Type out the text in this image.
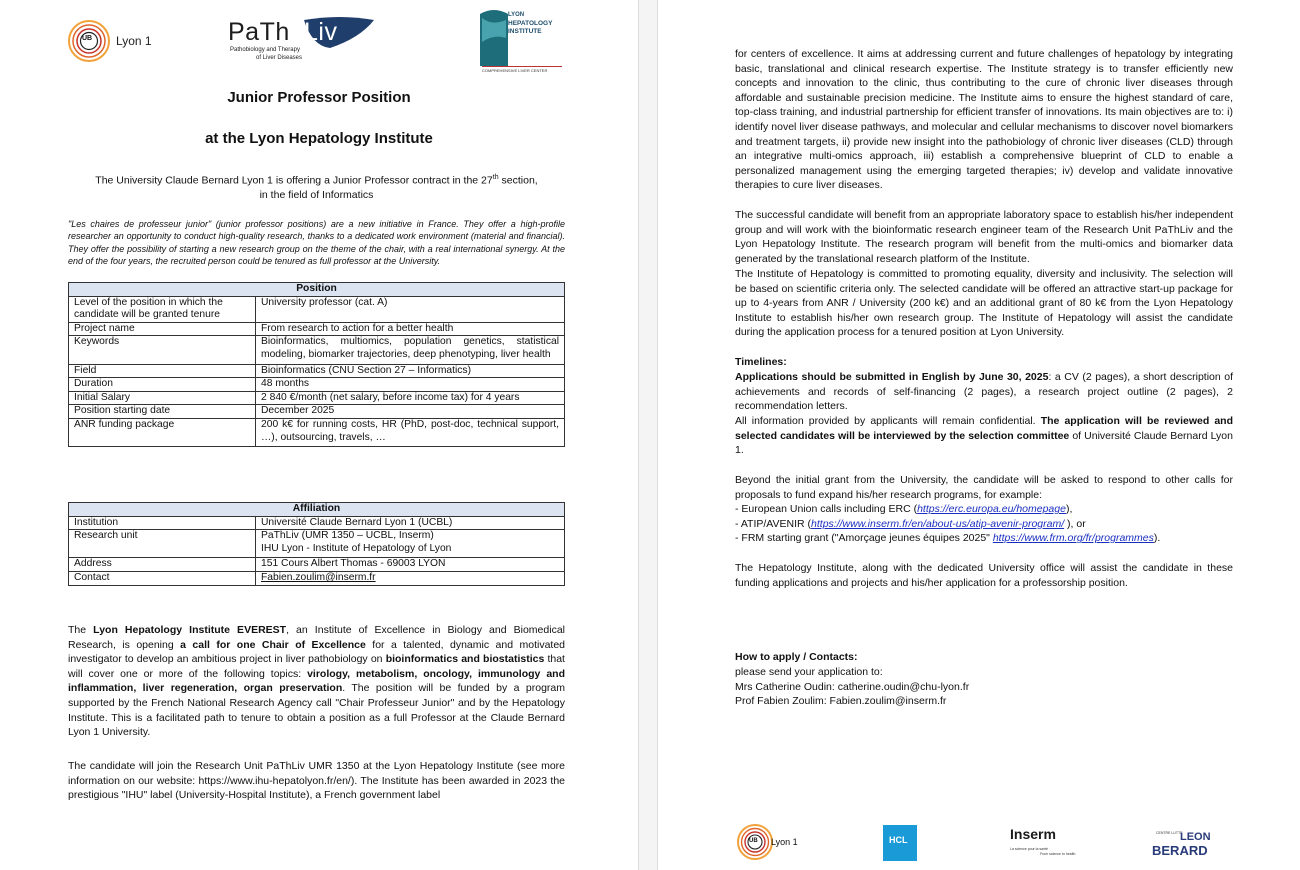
UB Lyon 1	PaTh Liv
Pathobiology and Therapy
of Liver Diseases
LYON
HEPATOLOGY
INSTITUTE
COMPREHENSIVE LIVER CENTER
Junior Professor Position
at the Lyon Hepatology Institute
The University Claude Bernard Lyon 1 is offering a Junior Professor contract in the 27th section,
in the field of Informatics
"Les chaires de professeur junior" (junior professor positions) are a new initiative in France. They offer a high-profile researcher an opportunity to conduct high-quality research, thanks to a dedicated work environment (material and financial). They offer the possibility of starting a new research group on the theme of the chair, with a real international synergy. At the end of the four years, the recruited person could be tenured as full professor at the University.
Position	
Level of the position in which the candidate will be granted tenure	University professor (cat. A)
Project name	From research to action for a better health
Keywords	Bioinformatics, multiomics, population genetics, statistical modeling, biomarker trajectories, deep phenotyping, liver health
Field	Bioinformatics (CNU Section 27 – Informatics)
Duration	48 months
Initial Salary	2 840 €/month (net salary, before income tax) for 4 years
Position starting date	December 2025
ANR funding package	200 k€ for running costs, HR (PhD, post-doc, technical support, …), outsourcing, travels, …
Affiliation	
Institution	Université Claude Bernard Lyon 1 (UCBL)
Research unit	PaThLiv (UMR 1350 – UCBL, Inserm)
IHU Lyon - Institute of Hepatology of Lyon
Address	151 Cours Albert Thomas - 69003 LYON
Contact	Fabien.zoulim@inserm.fr
The Lyon Hepatology Institute EVEREST, an Institute of Excellence in Biology and Biomedical Research, is opening a call for one Chair of Excellence for a talented, dynamic and motivated investigator to develop an ambitious project in liver pathobiology on bioinformatics and biostatistics that will cover one or more of the following topics: virology, metabolism, oncology, immunology and inflammation, liver regeneration, organ preservation. The position will be funded by a program supported by the French National Research Agency call "Chair Professeur Junior" and by the Hepatology Institute. This is a facilitated path to tenure to obtain a position as a full Professor at the Claude Bernard Lyon 1 University.
The candidate will join the Research Unit PaThLiv UMR 1350 at the Lyon Hepatology Institute (see more information on our website: https://www.ihu-hepatolyon.fr/en/). The Institute has been awarded in 2023 the prestigious "IHU" label (University-Hospital Institute), a French government label
for centers of excellence. It aims at addressing current and future challenges of hepatology by integrating basic, translational and clinical research expertise. The Institute strategy is to transfer efficiently new concepts and innovation to the clinic, thus contributing to the cure of chronic liver diseases through affordable and sustainable precision medicine. The Institute aims to ensure the highest standard of care, top-class training, and industrial partnership for efficient transfer of innovations. Its main objectives are to: i) identify novel liver disease pathways, and molecular and cellular mechanisms to discover novel biomarkers and treatment targets, ii) provide new insight into the pathobiology of chronic liver diseases (CLD) through an integrative multi-omics approach, iii) establish a comprehensive blueprint of CLD to enable a personalized management using the emerging targeted therapies; iv) develop and validate innovative therapies to cure liver diseases.
The successful candidate will benefit from an appropriate laboratory space to establish his/her independent group and will work with the bioinformatic research engineer team of the Research Unit PaThLiv and the Lyon Hepatology Institute. The research program will benefit from the multi-omics and biomarker data generated by the translational research platform of the Institute.
The Institute of Hepatology is committed to promoting equality, diversity and inclusivity. The selection will be based on scientific criteria only. The selected candidate will be offered an attractive start-up package for up to 4-years from ANR / University (200 k€) and an additional grant of 80 k€ from the Lyon Hepatology Institute to establish his/her own research group. The Institute of Hepatology will assist the candidate during the application process for a tenured position at Lyon University.
Timelines:
Applications should be submitted in English by June 30, 2025: a CV (2 pages), a short description of achievements and records of self-financing (2 pages), a research project outline (2 pages), 2 recommendation letters.
All information provided by applicants will remain confidential. The application will be reviewed and selected candidates will be interviewed by the selection committee of Université Claude Bernard Lyon 1.
Beyond the initial grant from the University, the candidate will be asked to respond to other calls for proposals to fund expand his/her research programs, for example:
- European Union calls including ERC (https://erc.europa.eu/homepage),
- ATIP/AVENIR (https://www.inserm.fr/en/about-us/atip-avenir-program/ ), or
- FRM starting grant ("Amorçage jeunes équipes 2025" https://www.frm.org/fr/programmes).
The Hepatology Institute, along with the dedicated University office will assist the candidate in these funding applications and projects and his/her application for a professorship position.
How to apply / Contacts:
please send your application to:
Mrs Catherine Oudin: catherine.oudin@chu-lyon.fr
Prof Fabien Zoulim: Fabien.zoulim@inserm.fr
UB Lyon 1	HCL	Inserm
La science pour la santé
From science to health
CENTRE LUTTE
LEON
BERARD
